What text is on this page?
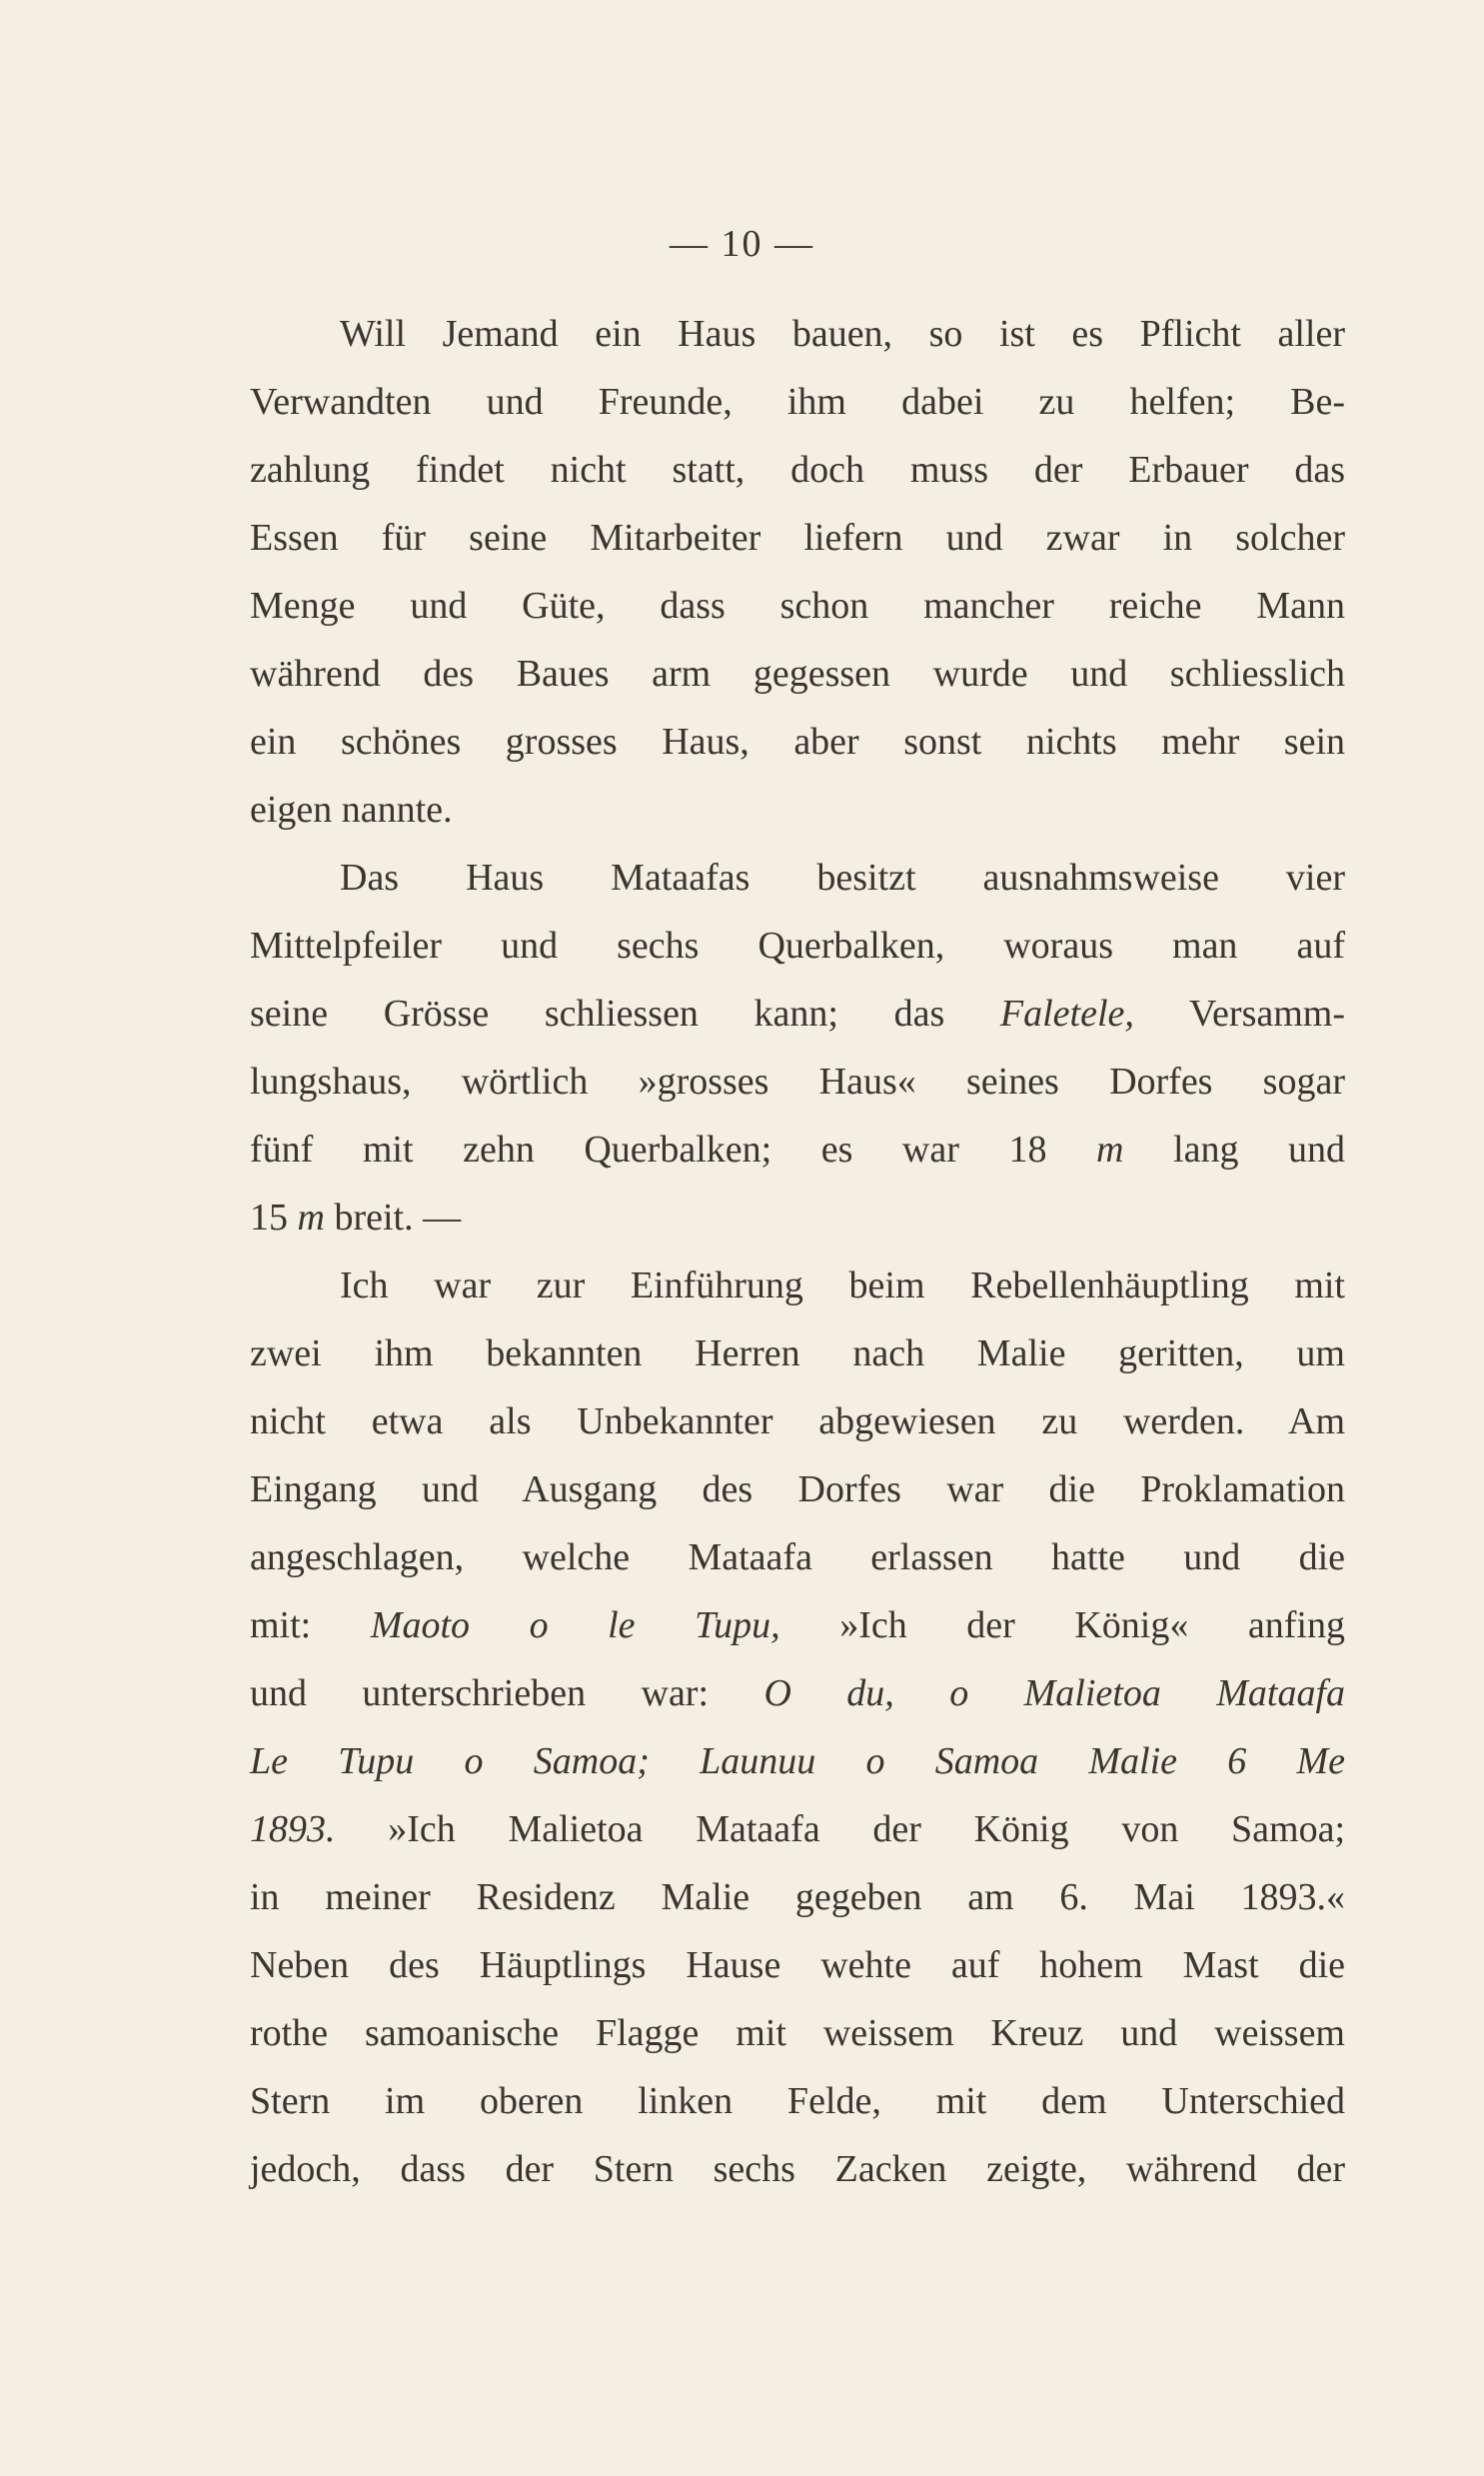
— 10 —
Will Jemand ein Haus bauen, so ist es Pflicht aller
Verwandten und Freunde, ihm dabei zu helfen; Be-
zahlung findet nicht statt, doch muss der Erbauer das
Essen für seine Mitarbeiter liefern und zwar in solcher
Menge und Güte, dass schon mancher reiche Mann
während des Baues arm gegessen wurde und schliesslich
ein schönes grosses Haus, aber sonst nichts mehr sein
eigen nannte.
Das Haus Mataafas besitzt ausnahmsweise vier
Mittelpfeiler und sechs Querbalken, woraus man auf
seine Grösse schliessen kann; das Faletele, Versamm-
lungshaus, wörtlich »grosses Haus« seines Dorfes sogar
fünf mit zehn Querbalken; es war 18 m lang und
15 m breit. —
Ich war zur Einführung beim Rebellenhäuptling mit
zwei ihm bekannten Herren nach Malie geritten, um
nicht etwa als Unbekannter abgewiesen zu werden. Am
Eingang und Ausgang des Dorfes war die Proklamation
angeschlagen, welche Mataafa erlassen hatte und die
mit: Maoto o le Tupu, »Ich der König« anfing
und unterschrieben war: O du, o Malietoa Mataafa
Le Tupu o Samoa; Launuu o Samoa Malie 6 Me
1893. »Ich Malietoa Mataafa der König von Samoa;
in meiner Residenz Malie gegeben am 6. Mai 1893.«
Neben des Häuptlings Hause wehte auf hohem Mast die
rothe samoanische Flagge mit weissem Kreuz und weissem
Stern im oberen linken Felde, mit dem Unterschied
jedoch, dass der Stern sechs Zacken zeigte, während der
